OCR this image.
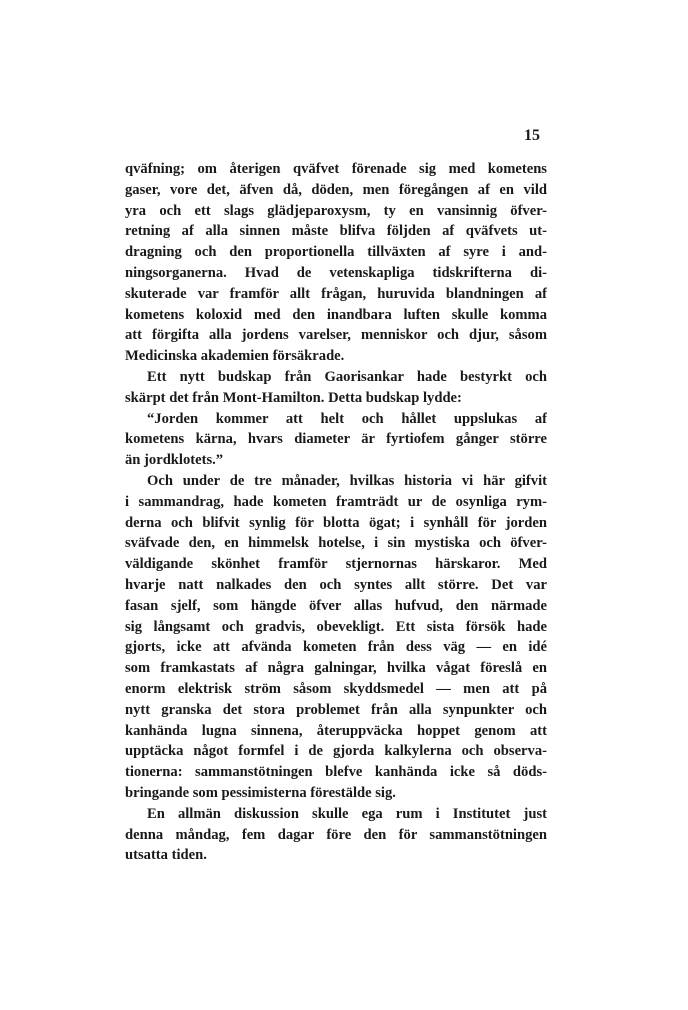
15
qväfning; om återigen qväfvet förenade sig med kometens
gaser, vore det, äfven då, döden, men föregången af en vild
yra och ett slags glädjeparoxysm, ty en vansinnig öfver-
retning af alla sinnen måste blifva följden af qväfvets ut-
dragning och den proportionella tillväxten af syre i and-
ningsorganerna. Hvad de vetenskapliga tidskrifterna di-
skuterade var framför allt frågan, huruvida blandningen af
kometens koloxid med den inandbara luften skulle komma
att förgifta alla jordens varelser, menniskor och djur, såsom
Medicinska akademien försäkrade.
Ett nytt budskap från Gaorisankar hade bestyrkt och
skärpt det från Mont-Hamilton. Detta budskap lydde:
“Jorden kommer att helt och hållet uppslukas af
kometens kärna, hvars diameter är fyrtiofem gånger större
än jordklotets.”
Och under de tre månader, hvilkas historia vi här gifvit
i sammandrag, hade kometen framträdt ur de osynliga rym-
derna och blifvit synlig för blotta ögat; i synhåll för jorden
sväfvade den, en himmelsk hotelse, i sin mystiska och öfver-
väldigande skönhet framför stjernornas härskaror. Med
hvarje natt nalkades den och syntes allt större. Det var
fasan sjelf, som hängde öfver allas hufvud, den närmade
sig långsamt och gradvis, obevekligt. Ett sista försök hade
gjorts, icke att afvända kometen från dess väg — en idé
som framkastats af några galningar, hvilka vågat föreslå en
enorm elektrisk ström såsom skyddsmedel — men att på
nytt granska det stora problemet från alla synpunkter och
kanhända lugna sinnena, återuppväcka hoppet genom att
upptäcka något formfel i de gjorda kalkylerna och observa-
tionerna: sammanstötningen blefve kanhända icke så döds-
bringande som pessimisterna förestälde sig.
En allmän diskussion skulle ega rum i Institutet just
denna måndag, fem dagar före den för sammanstötningen
utsatta tiden.
